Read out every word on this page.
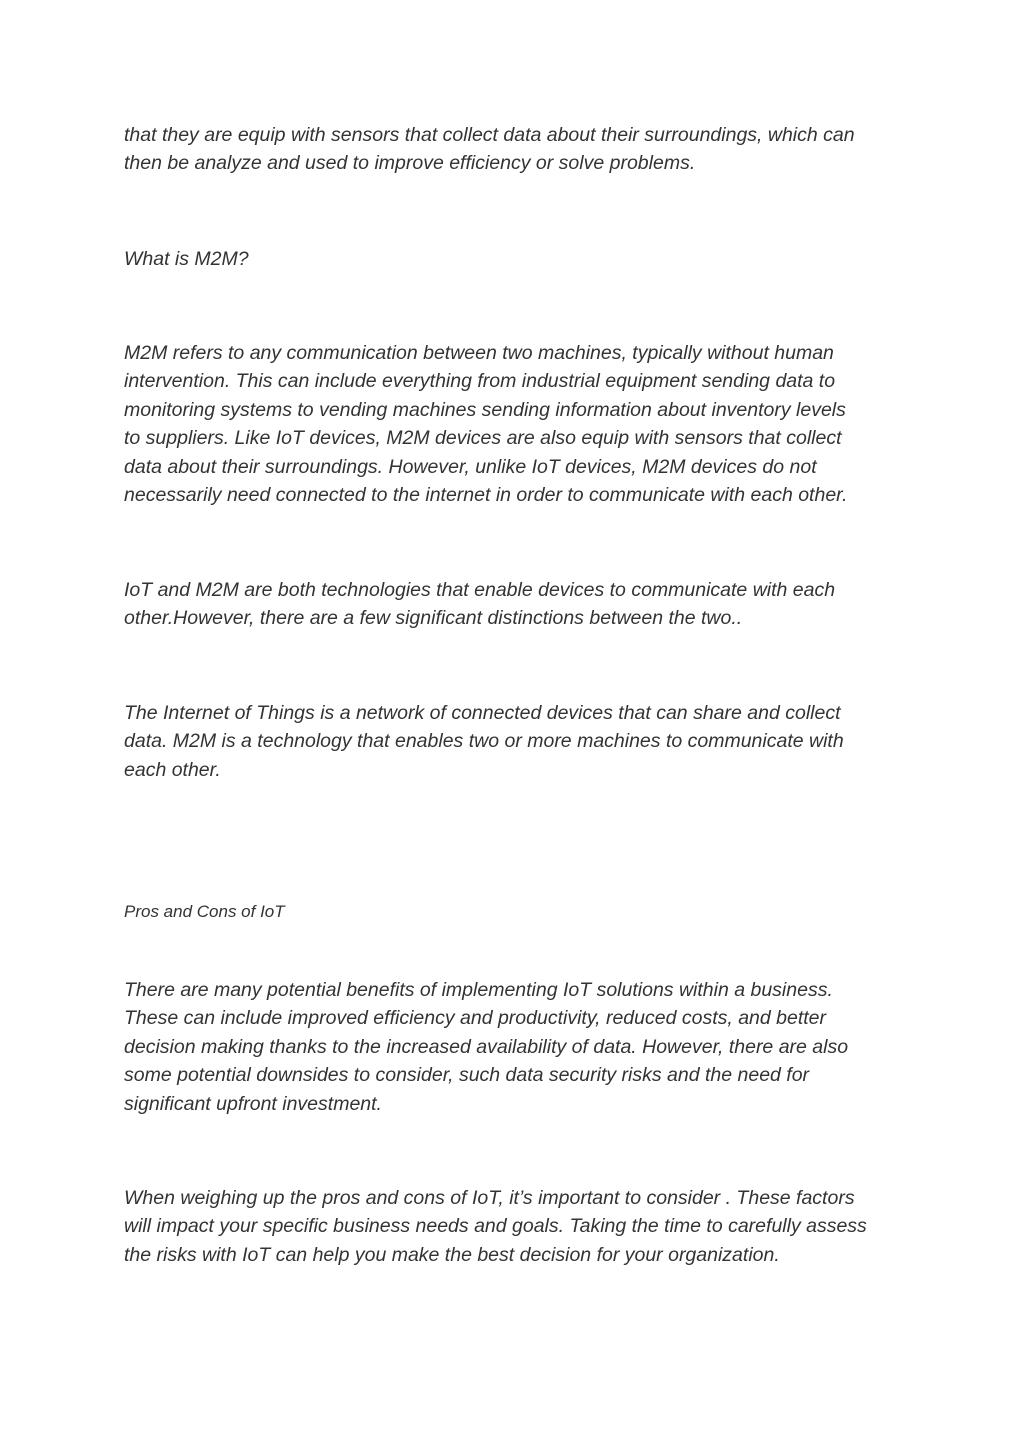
that they are equip with sensors that collect data about their surroundings, which can
then be analyze and used to improve efficiency or solve problems.

What is M2M?

M2M refers to any communication between two machines, typically without human
intervention. This can include everything from industrial equipment sending data to
monitoring systems to vending machines sending information about inventory levels
to suppliers. Like IoT devices, M2M devices are also equip with sensors that collect
data about their surroundings. However, unlike IoT devices, M2M devices do not
necessarily need connected to the internet in order to communicate with each other.

IoT and M2M are both technologies that enable devices to communicate with each
other.However, there are a few significant distinctions between the two..

The Internet of Things is a network of connected devices that can share and collect
data. M2M is a technology that enables two or more machines to communicate with
each other.

Pros and Cons of IoT

There are many potential benefits of implementing IoT solutions within a business.
These can include improved efficiency and productivity, reduced costs, and better
decision making thanks to the increased availability of data. However, there are also
some potential downsides to consider, such data security risks and the need for
significant upfront investment.

When weighing up the pros and cons of IoT, it’s important to consider . These factors
will impact your specific business needs and goals. Taking the time to carefully assess
the risks with IoT can help you make the best decision for your organization.
